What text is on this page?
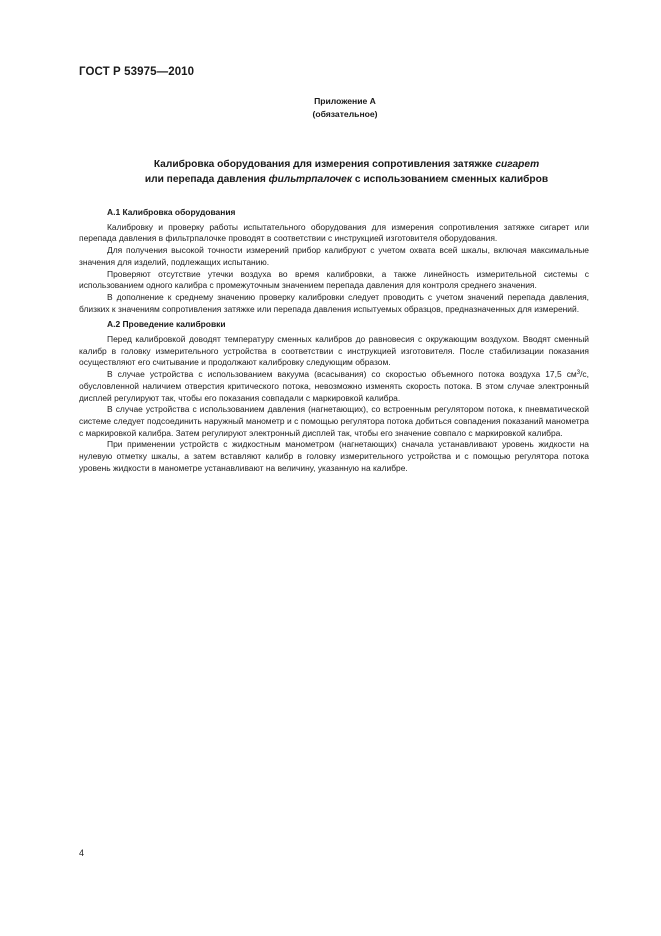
ГОСТ Р 53975—2010
Приложение А
(обязательное)
Калибровка оборудования для измерения сопротивления затяжке сигарет
или перепада давления фильтрпалочек с использованием сменных калибров
А.1 Калибровка оборудования

Калибровку и проверку работы испытательного оборудования для измерения сопротивления затяжке сигарет или перепада давления в фильтрпалочке проводят в соответствии с инструкцией изготовителя оборудования.

Для получения высокой точности измерений прибор калибруют с учетом охвата всей шкалы, включая максимальные значения для изделий, подлежащих испытанию.

Проверяют отсутствие утечки воздуха во время калибровки, а также линейность измерительной системы с использованием одного калибра с промежуточным значением перепада давления для контроля среднего значения.

В дополнение к среднему значению проверку калибровки следует проводить с учетом значений перепада давления, близких к значениям сопротивления затяжке или перепада давления испытуемых образцов, предназначенных для измерений.

А.2 Проведение калибровки

Перед калибровкой доводят температуру сменных калибров до равновесия с окружающим воздухом. Вводят сменный калибр в головку измерительного устройства в соответствии с инструкцией изготовителя. После стабилизации показания осуществляют его считывание и продолжают калибровку следующим образом.

В случае устройства с использованием вакуума (всасывания) со скоростью объемного потока воздуха 17,5 $см^3/с$, обусловленной наличием отверстия критического потока, невозможно изменять скорость потока. В этом случае электронный дисплей регулируют так, чтобы его показания совпадали с маркировкой калибра.

В случае устройства с использованием давления (нагнетающих), со встроенным регулятором потока, к пневматической системе следует подсоединить наружный манометр и с помощью регулятора потока добиться совпадения показаний манометра с маркировкой калибра. Затем регулируют электронный дисплей так, чтобы его значение совпало с маркировкой калибра.

При применении устройств с жидкостным манометром (нагнетающих) сначала устанавливают уровень жидкости на нулевую отметку шкалы, а затем вставляют калибр в головку измерительного устройства и с помощью регулятора потока уровень жидкости в манометре устанавливают на величину, указанную на калибре.

4
